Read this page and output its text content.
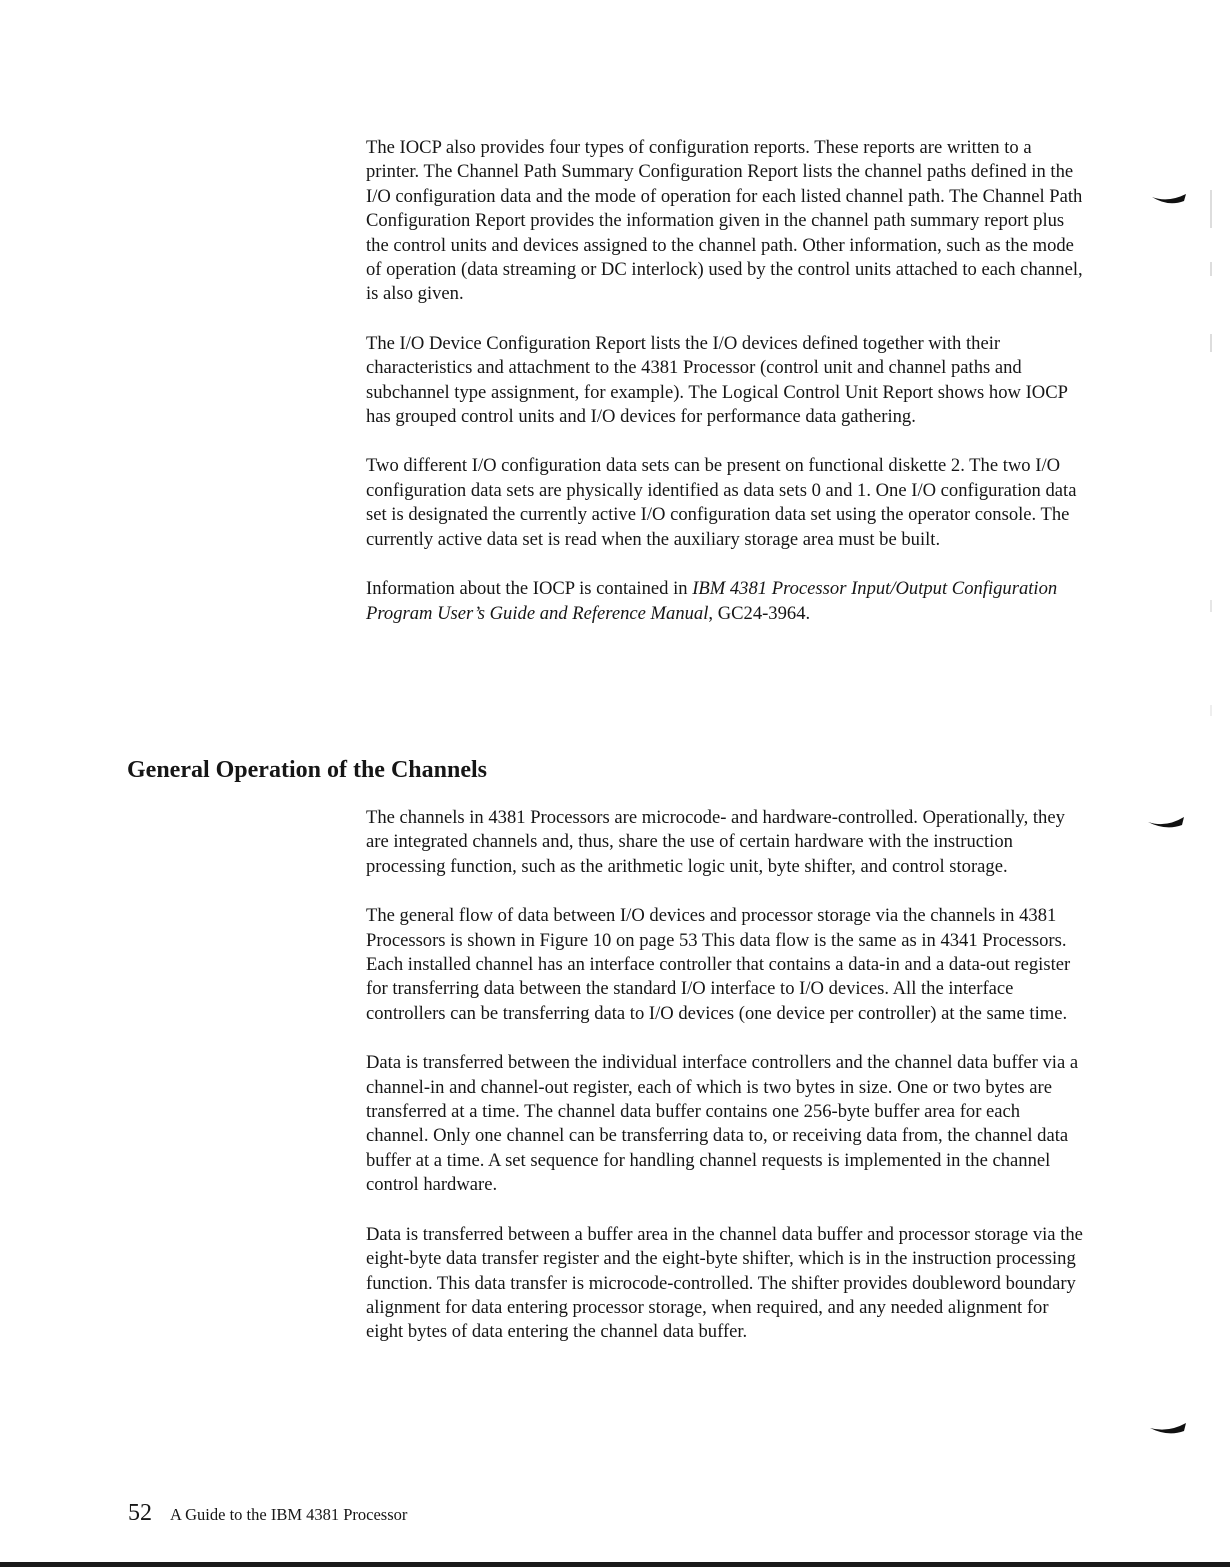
The IOCP also provides four types of configuration reports. These reports are written to a printer. The Channel Path Summary Configuration Report lists the channel paths defined in the I/O configuration data and the mode of operation for each listed channel path. The Channel Path Configuration Report provides the information given in the channel path summary report plus the control units and devices assigned to the channel path. Other information, such as the mode of operation (data streaming or DC interlock) used by the control units attached to each channel, is also given.

The I/O Device Configuration Report lists the I/O devices defined together with their characteristics and attachment to the 4381 Processor (control unit and channel paths and subchannel type assignment, for example). The Logical Control Unit Report shows how IOCP has grouped control units and I/O devices for performance data gathering.

Two different I/O configuration data sets can be present on functional diskette 2. The two I/O configuration data sets are physically identified as data sets 0 and 1. One I/O configuration data set is designated the currently active I/O configuration data set using the operator console. The currently active data set is read when the auxiliary storage area must be built.

Information about the IOCP is contained in IBM 4381 Processor Input/Output Configuration Program User’s Guide and Reference Manual, GC24-3964.

General Operation of the Channels

The channels in 4381 Processors are microcode- and hardware-controlled. Operationally, they are integrated channels and, thus, share the use of certain hardware with the instruction processing function, such as the arithmetic logic unit, byte shifter, and control storage.

The general flow of data between I/O devices and processor storage via the channels in 4381 Processors is shown in Figure 10 on page 53 This data flow is the same as in 4341 Processors. Each installed channel has an interface controller that contains a data-in and a data-out register for transferring data between the standard I/O interface to I/O devices. All the interface controllers can be transferring data to I/O devices (one device per controller) at the same time.

Data is transferred between the individual interface controllers and the channel data buffer via a channel-in and channel-out register, each of which is two bytes in size. One or two bytes are transferred at a time. The channel data buffer contains one 256-byte buffer area for each channel. Only one channel can be transferring data to, or receiving data from, the channel data buffer at a time. A set sequence for handling channel requests is implemented in the channel control hardware.

Data is transferred between a buffer area in the channel data buffer and processor storage via the eight-byte data transfer register and the eight-byte shifter, which is in the instruction processing function. This data transfer is microcode-controlled. The shifter provides doubleword boundary alignment for data entering processor storage, when required, and any needed alignment for eight bytes of data entering the channel data buffer.

52 A Guide to the IBM 4381 Processor
